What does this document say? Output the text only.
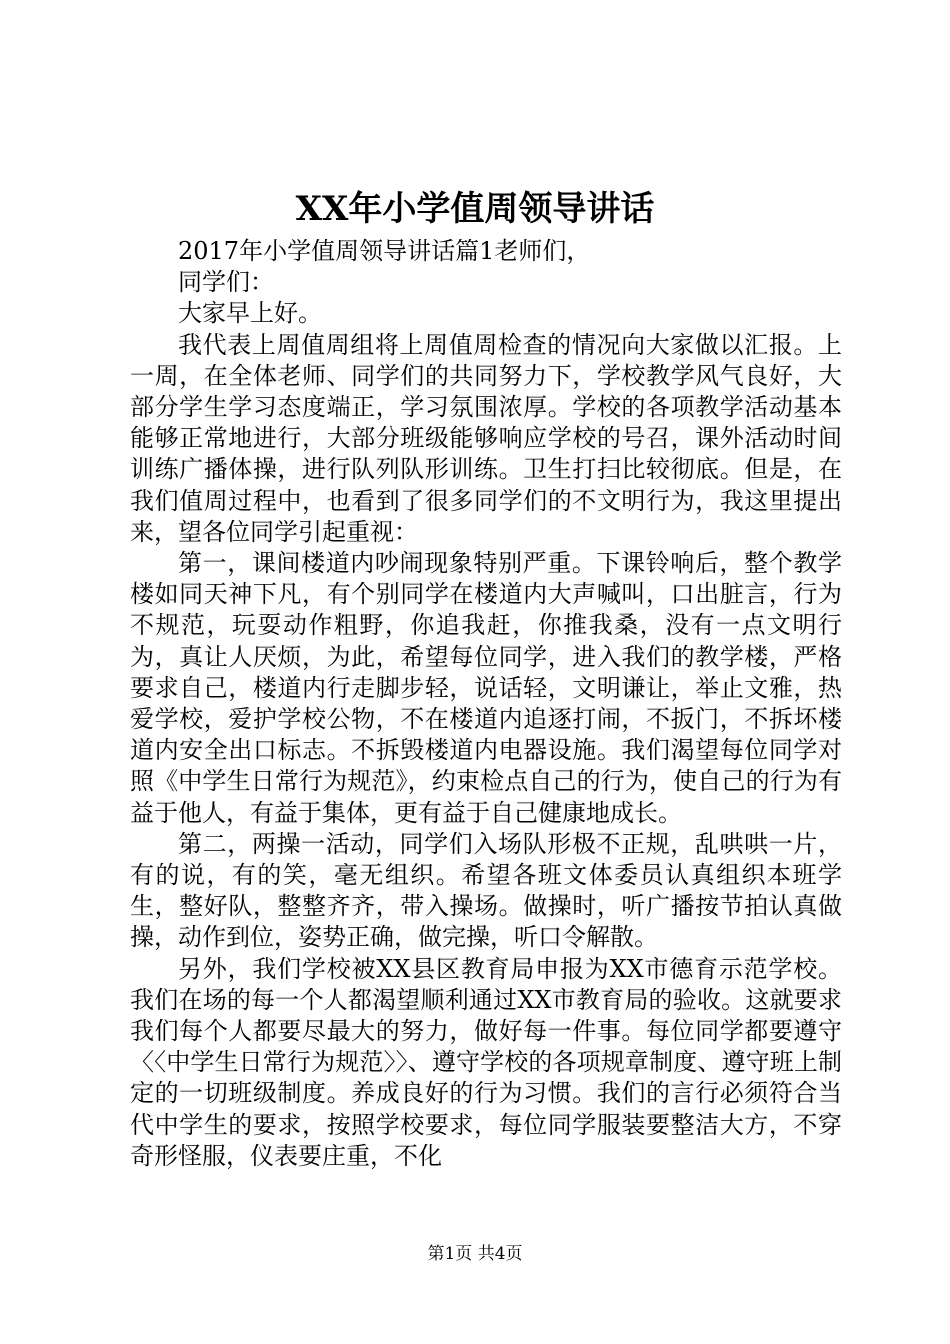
XX年小学值周领导讲话

2017年小学值周领导讲话篇1老师们，

同学们：

大家早上好。

我代表上周值周组将上周值周检查的情况向大家做以汇报。上一周，在全体老师、同学们的共同努力下，学校教学风气良好，大部分学生学习态度端正，学习氛围浓厚。学校的各项教学活动基本能够正常地进行，大部分班级能够响应学校的号召，课外活动时间训练广播体操，进行队列队形训练。卫生打扫比较彻底。但是，在我们值周过程中，也看到了很多同学们的不文明行为，我这里提出来，望各位同学引起重视：

第一，课间楼道内吵闹现象特别严重。下课铃响后，整个教学楼如同天神下凡，有个别同学在楼道内大声喊叫，口出脏言，行为不规范，玩耍动作粗野，你追我赶，你推我桑，没有一点文明行为，真让人厌烦，为此，希望每位同学，进入我们的教学楼，严格要求自己，楼道内行走脚步轻，说话轻，文明谦让，举止文雅，热爱学校，爱护学校公物，不在楼道内追逐打闹，不扳门，不拆坏楼道内安全出口标志。不拆毁楼道内电器设施。我们渴望每位同学对照《中学生日常行为规范》，约束检点自己的行为，使自己的行为有益于他人，有益于集体，更有益于自己健康地成长。

第二，两操一活动，同学们入场队形极不正规，乱哄哄一片，有的说，有的笑，毫无组织。希望各班文体委员认真组织本班学生，整好队，整整齐齐，带入操场。做操时，听广播按节拍认真做操，动作到位，姿势正确，做完操，听口令解散。

另外，我们学校被XX县区教育局申报为XX市德育示范学校。我们在场的每一个人都渴望顺利通过XX市教育局的验收。这就要求我们每个人都要尽最大的努力，做好每一件事。每位同学都要遵守〈〈中学生日常行为规范〉〉、遵守学校的各项规章制度、遵守班上制定的一切班级制度。养成良好的行为习惯。我们的言行必须符合当代中学生的要求，按照学校要求，每位同学服装要整洁大方，不穿奇形怪服，仪表要庄重，不化

第1页 共4页
